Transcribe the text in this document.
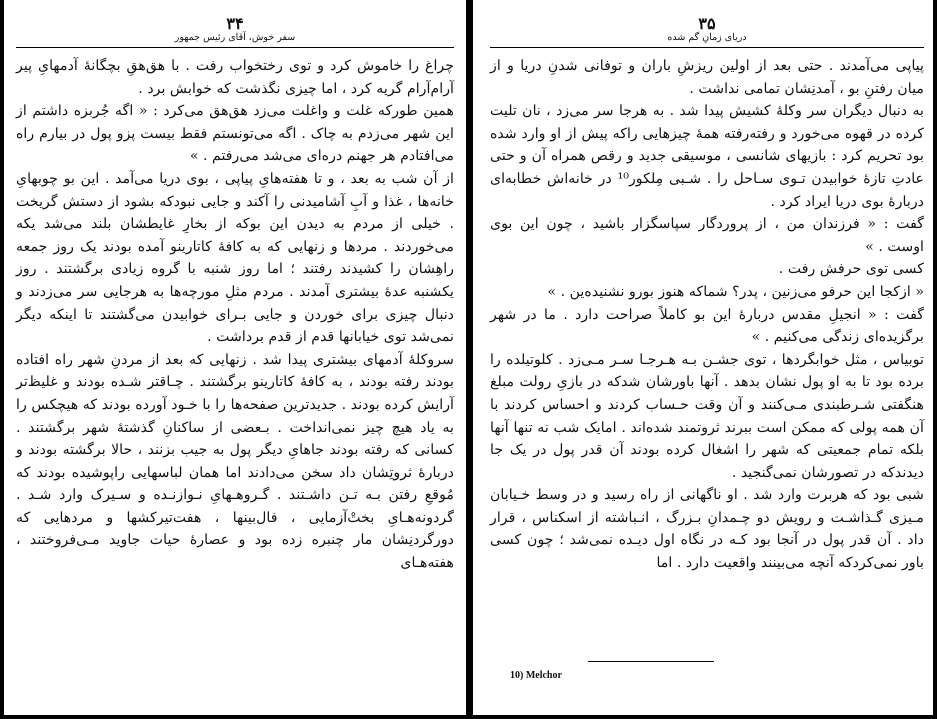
۳۴
سفر خوش، آقای رئیس جمهور

چراغ را خاموش کرد و توی رختخواب رفت . با هق‌هقِ بچگانهٔ آدمهایِ پیر آرام‌آرام گریه کرد ، اما چیزی نگذشت که خوابش برد .

همین طورکه غلت و واغلت می‌زد هق‌هق می‌کرد : « اگه جُربزه داشتم از این شهر می‌زدم به چاک . اگه می‌تونستم فقط بیست پزو پول در بیارم راه می‌افتادم هر جهنم دره‌ای می‌شد می‌رفتم . »

از آن شب به بعد ، و تا هفته‌هایِ پیاپی ، بوی دریا می‌آمد . این بو چوبهایِ خانه‌ها ، غذا و آبِ آشامیدنی را آکند و جایی نبودکه بشود از دستش گریخت . خیلی از مردم به دیدن این بوکه از بخارِ غایطشان بلند می‌شد یکه می‌خوردند . مردها و زنهایی که به کافهٔ کاتارینو آمده بودند یک روز جمعه راهِشان را کشیدند رفتند ؛ اما روز شنبه با گروه زیادی برگشتند . روز یکشنبه عدهٔ بیشتری آمدند . مردم مثلِ مورچه‌ها به هرجایی سر می‌زدند و دنبال چیزی برای خوردن و جایی بـرای خوابیدن می‌گشتند تا اینکه دیگر نمی‌شد توی خیابانها قدم از قدم برداشت .

سروکلهٔ آدمهای بیشتری پیدا شد . زنهایی که بعد از مردنِ شهر راه افتاده بودند رفته بودند ، به کافهٔ کاتارینو برگشتند . چـاقتر شـده بودند و غلیظ‌تر آرایش کرده بودند . جدیدترین صفحه‌ها را با خـود آورده بودند که هیچکس را به یاد هیچ چیز نمی‌انداخت . بـعضی از ساکنانِ گذشتهٔ شهر برگشتند . کسانی که رفته بودند جاهایِ دیگر پول به جیب بزنند ، حالا برگشته بودند و دربارهٔ ثروتِشان داد سخن می‌دادند اما همان لباسهایی راپوشیده بودند که مُوقعِ رفتن بـه تـن داشـتند . گـروهـهایِ نـوازنـده و سـیرک وارد شـد . گردونه‌هـایِ بختْ‌آزمایی ، فال‌بینها ، هفت‌تیرکشها و مردهایی که دورگردنِشان مار چنبره زده بود و عصارهٔ حیات جاوید مـی‌فروختند ، هفته‌هـای

۳۵
دریای زمانِ گم شده

پیاپی می‌آمدند . حتی بعد از اولین ریزشِ باران و توفانی شدنِ دریا و از میان رفتنِ بو ، آمدنِشان تمامی نداشت .

به دنبال دیگران سر وکلهٔ کشیش پیدا شد . به هرجا سر می‌زد ، نان تلیت کرده در قهوه می‌خورد و رفته‌رفته همهٔ چیزهایی راکه پیش از او وارد شده بود تحریم کرد : بازیهای شانسی ، موسیقی جدید و رقص همراه آن و حتی عادتِ تازهٔ خوابیدن تـوی سـاحل را . شـبی مِلکور¹⁰ در خانه‌اش خطابه‌ای دربارهٔ بوی دریا ایراد کرد .

گفت : « فرزندان من ، از پروردگار سپاسگزار باشید ، چون این بوی اوست . »

کسی توی حرفش رفت .

« ازکجا این حرفو می‌زنین ، پدر؟ شماکه هنوز بورو نشنیده‌ین . »

گفت : « انجیلِ مقدس دربارهٔ این بو کاملاً صراحت دارد . ما در شهر برگزیده‌ای زندگی می‌کنیم . »

توبیاس ، مثل خوابگردها ، توی جشـن بـه هـرجـا سـر مـی‌زد . کلوتیلده را برده بود تا به او پول نشان بدهد . آنها باورشان شدکه در بازیِ رولت مبلغ هنگفتی شـرطبندی مـی‌کنند و آن وقت حـساب کردند و احساس کردند با آن همه پولی که ممکن است ببرند ثروتمند شده‌اند . امایک شب نه تنها آنها بلکه تمام جمعیتی که شهر را اشغال کرده بودند آن قدر پول در یک جا دیدندکه در تصورشان نمی‌گنجید .

شبی بود که هربرت وارد شد . او ناگهانی از راه رسید و در وسط خـیابان مـیزی گـذاشـت و رویش دو چـمدانِ بـزرگ ، انـباشته از اسکناس ، قرار داد . آن قدر پول در آنجا بود کـه در نگاه اول دیـده نمی‌شد ؛ چون کسی باور نمی‌کردکه آنچه می‌بینند واقعیت دارد . اما

10) Melchor
